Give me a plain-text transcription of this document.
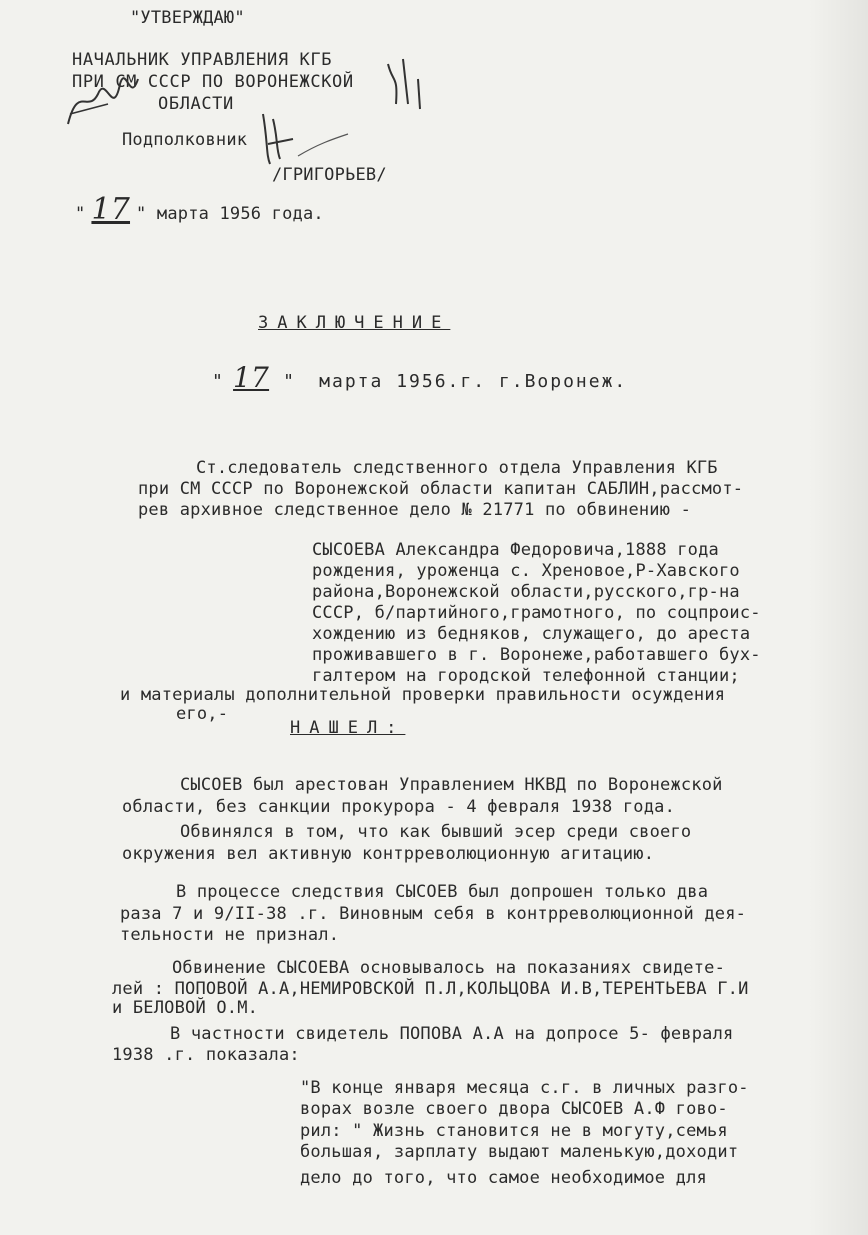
"УТВЕРЖДАЮ"
НАЧАЛЬНИК УПРАВЛЕНИЯ КГБ
ПРИ СМ СССР ПО ВОРОНЕЖСКОЙ
ОБЛАСТИ
Подполковник
/ГРИГОРЬЕВ/
" 17 " марта 1956 года.
ЗАКЛЮЧЕНИЕ
" 17 " марта 1956.г. г.Воронеж.
Ст.следователь следственного отдела Управления КГБ
при СМ СССР по Воронежской области капитан САБЛИН,рассмот-
рев архивное следственное дело № 21771 по обвинению -
СЫСОЕВА Александра Федоровича,1888 года
рождения, уроженца с. Хреновое,Р-Хавского
района,Воронежской области,русского,гр-на
СССР, б/партийного,грамотного, по соцпроис-
хождению из бедняков, служащего, до ареста
проживавшего в г. Воронеже,работавшего бух-
галтером на городской телефонной станции;
и материалы дополнительной проверки правильности осуждения
его,-
НАШЕЛ:
СЫСОЕВ был арестован Управлением НКВД по Воронежской
области, без санкции прокурора - 4 февраля 1938 года.
Обвинялся в том, что как бывший эсер среди своего
окружения вел активную контрреволюционную агитацию.
В процессе следствия СЫСОЕВ был допрошен только два
раза 7 и 9/II-38 .г. Виновным себя в контрреволюционной дея-
тельности не признал.
Обвинение СЫСОЕВА основывалось на показаниях свидете-
лей : ПОПОВОЙ А.А,НЕМИРОВСКОЙ П.Л,КОЛЬЦОВА И.В,ТЕРЕНТЬЕВА Г.И
и БЕЛОВОЙ О.М.
В частности свидетель ПОПОВА А.А на допросе 5- февраля
1938 .г. показала:
"В конце января месяца с.г. в личных разго-
ворах возле своего двора СЫСОЕВ А.Ф гово-
рил: " Жизнь становится не в могуту,семья
большая, зарплату выдают маленькую,доходит
дело до того, что самое необходимое для
